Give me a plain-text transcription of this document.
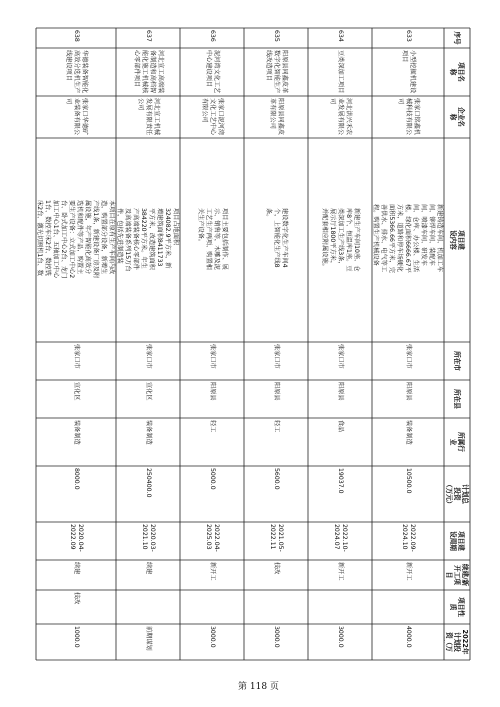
序号
项目名称
企业名称
项目建设内容
所在市
所在县
所属行业
计划总投资（万元）
项目建设周期
续建/新开工项目
项目性质
2022年计划投资（万
633
小型挖掘机建设项目
张家口铭鑫机械科技有限公司
新建铸造车间、机加工车间、铆焊车间、装配车间、喷漆车间、研发车间、仓库、办公楼、生活楼。绿化面积6666.67平方米，道路和停车场硬化面积5366.66平方米，完善供水、排水、电气等工程。购置生产机械设备
张家口市
阳原县
装备制造
10500.0
2022.09-2024.10
新开工
4000.0
634
豆类深加工项目
河北洪兴禾农业发展有限公司
新建生产车间10座、仓库8个、恒温库1座。豆类深加工生产线3条，展示厅1800平方米，并配套相应附属设施。
张家口市
阳原县
食品
19037.0
2022.10-2024.07
新开工
3000.0
635
阳原县同鑫皮革数字化智能生产线改造项目
阳原县同鑫皮革有限公司
建设数字化生产车间4个，上智能化生产线8条。
张家口市
阳原县
轻工
5600.0
2021.05-2022.11
技改
3000.0
636
泥河湾文化工艺中心建设项目
张家口泥河湾文化工艺中心有限公司
项目主要包括制作、展示、销售等，木雕及泥工艺生产两项、购置相关生产设备。
张家口市
阳原县
轻工
5000.0
2022.04-2025.03
新开工
3000.0
637
河北宣工高端装备制造和高档智能化施工机械核心零部件项目
河北宣工机械发展有限责任公司
项目占地面积324082.9平方米，新增建筑面积8411733平方米，改造建筑面积384220平方米。年生产高端装备核心零部件及高端装备系列15万台件，包括先进制造装
张家口市
宣化区
装备制造
250400.0
2020.03-2021.10
续建
前期谋划
638
华德装备智能化高效分选机生产线建设项目
张家口华德矿业装备有限公司
本项目在原有生产车间内改造，购置部分设备，新增生产线1条，新建设备厂房及附属设施，年产智能化高效分选机和配件等产品，购置主要生产设备：立式加工中心2台、卧式加工中心2台、龙门加工中心1台、五轴加工中心1台、数控车床2台、数控铣床2台、激光切割机1台、数
张家口市
宣化区
装备制造
8000.0
2020.04-2022.09
续建
技改
1000.0
第 118 页
